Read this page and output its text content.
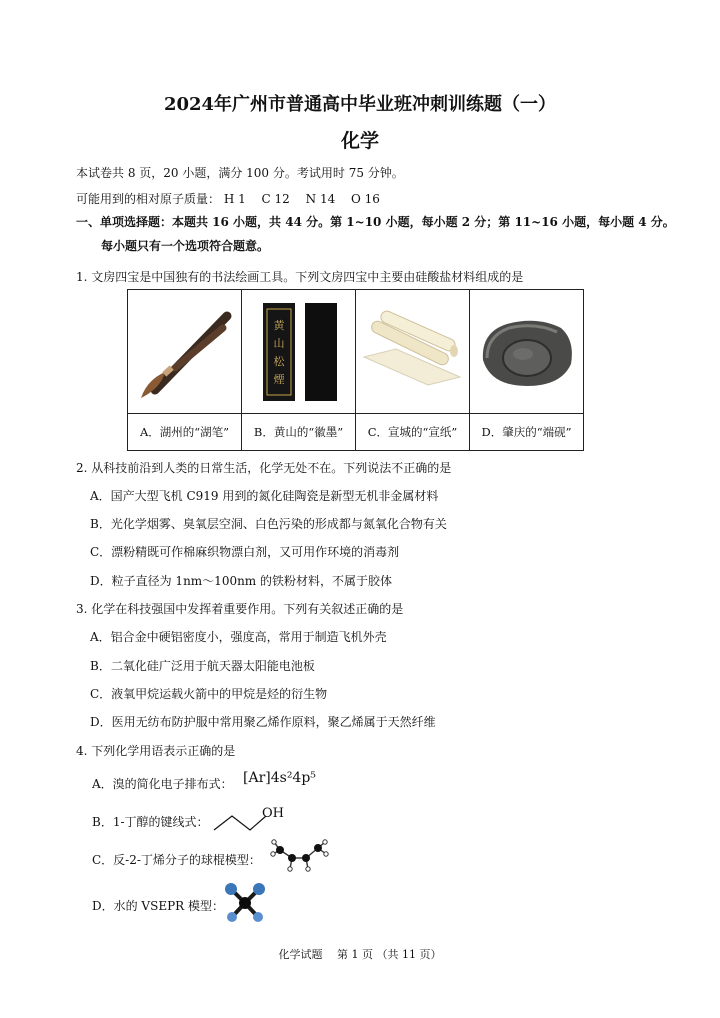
2024年广州市普通高中毕业班冲刺训练题（一）
化学
本试卷共 8 页，20 小题，满分 100 分。考试用时 75 分钟。
可能用到的相对原子质量： H 1　 C 12　 N 14　 O 16
一、单项选择题：本题共 16 小题，共 44 分。第 1~10 小题，每小题 2 分；第 11~16 小题，每小题 4 分。
每小题只有一个选项符合题意。
1. 文房四宝是中国独有的书法绘画工具。下列文房四宝中主要由硅酸盐材料组成的是

黄
山
松
煙

A．湖州的“湖笔”	B．黄山的“徽墨”	C．宣城的“宣纸”	D．肇庆的“端砚”
2. 从科技前沿到人类的日常生活，化学无处不在。下列说法不正确的是
A．国产大型飞机 C919 用到的氮化硅陶瓷是新型无机非金属材料
B．光化学烟雾、臭氧层空洞、白色污染的形成都与氮氧化合物有关
C．漂粉精既可作棉麻织物漂白剂，又可用作环境的消毒剂
D．粒子直径为 1nm～100nm 的铁粉材料，不属于胶体
3. 化学在科技强国中发挥着重要作用。下列有关叙述正确的是
A．铝合金中硬铝密度小，强度高，常用于制造飞机外壳
B．二氧化硅广泛用于航天器太阳能电池板
C．液氧甲烷运载火箭中的甲烷是烃的衍生物
D．医用无纺布防护服中常用聚乙烯作原料，聚乙烯属于天然纤维
4. 下列化学用语表示正确的是
A．溴的简化电子排布式： [Ar]4s²4p⁵
B．1-丁醇的键线式：
OH
C．反-2-丁烯分子的球棍模型：
D．水的 VSEPR 模型：
化学试题　 第 1 页 （共 11 页）
